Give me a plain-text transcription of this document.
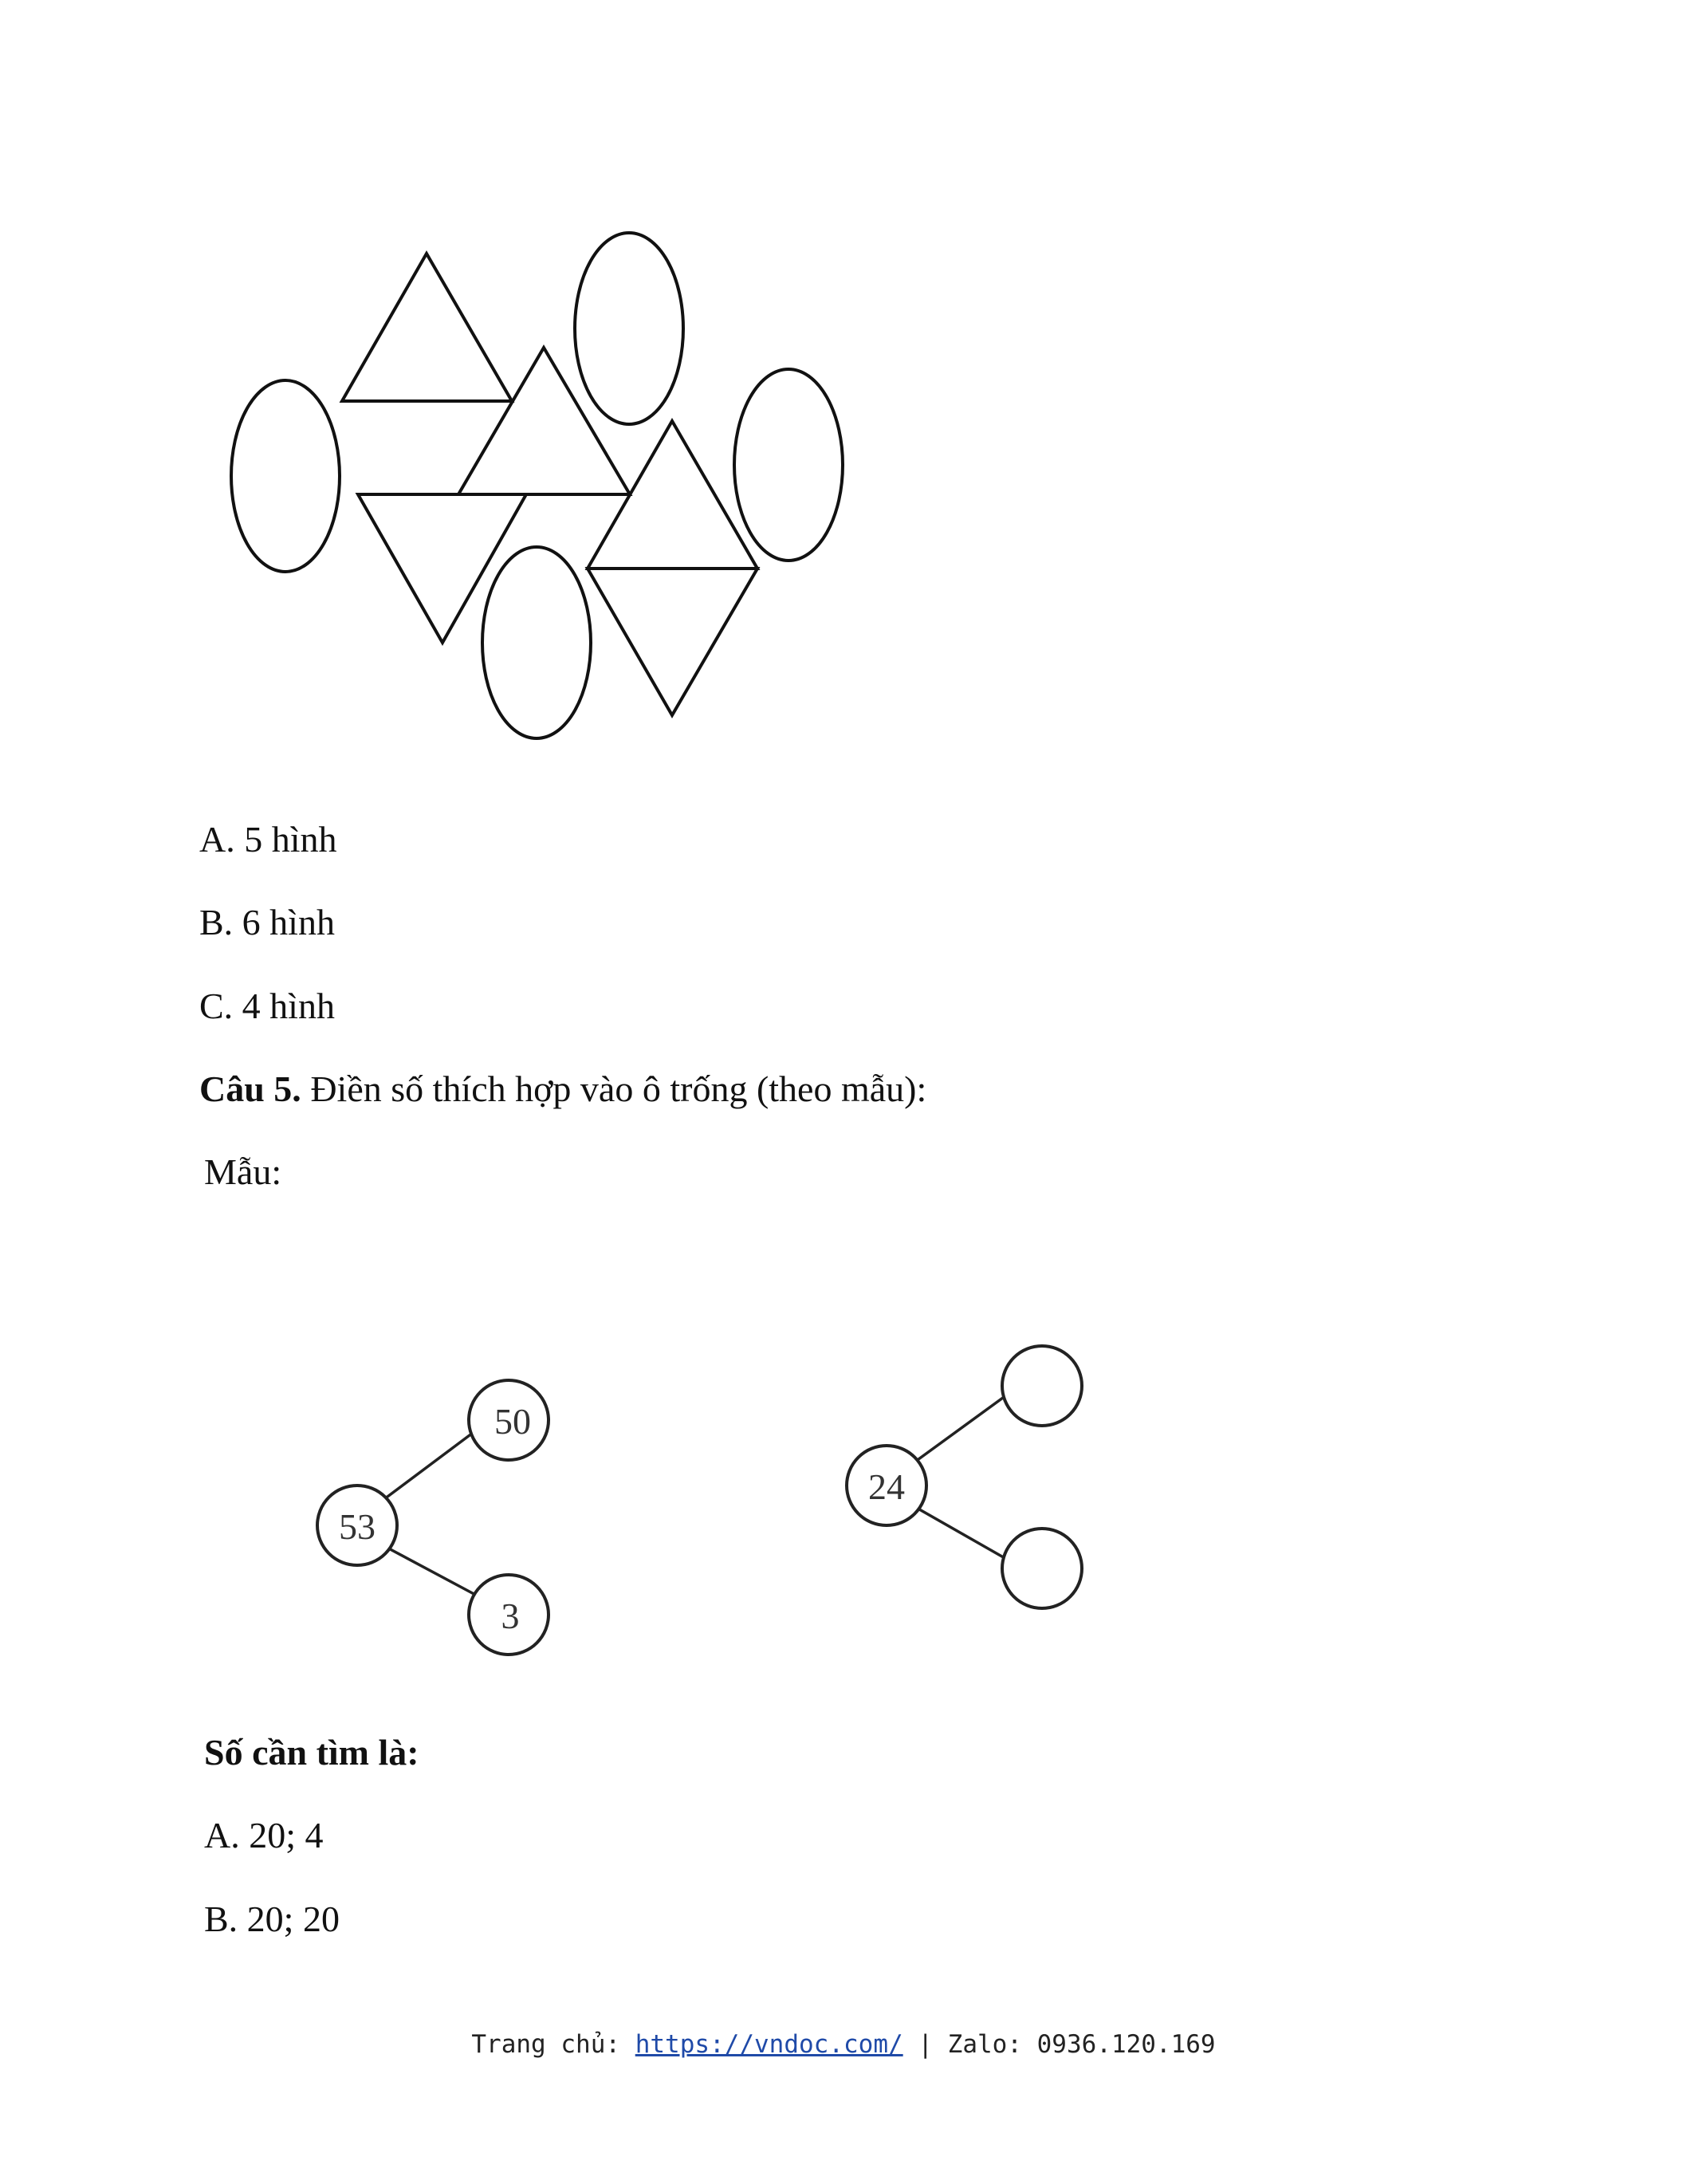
53
50
3
24

A. 5 hình

B. 6 hình

C. 4 hình

Câu 5. Điền số thích hợp vào ô trống (theo mẫu):

Mẫu:

Số cần tìm là:

A. 20; 4

B. 20; 20

Trang chủ: https://vndoc.com/ | Zalo: 0936.120.169
